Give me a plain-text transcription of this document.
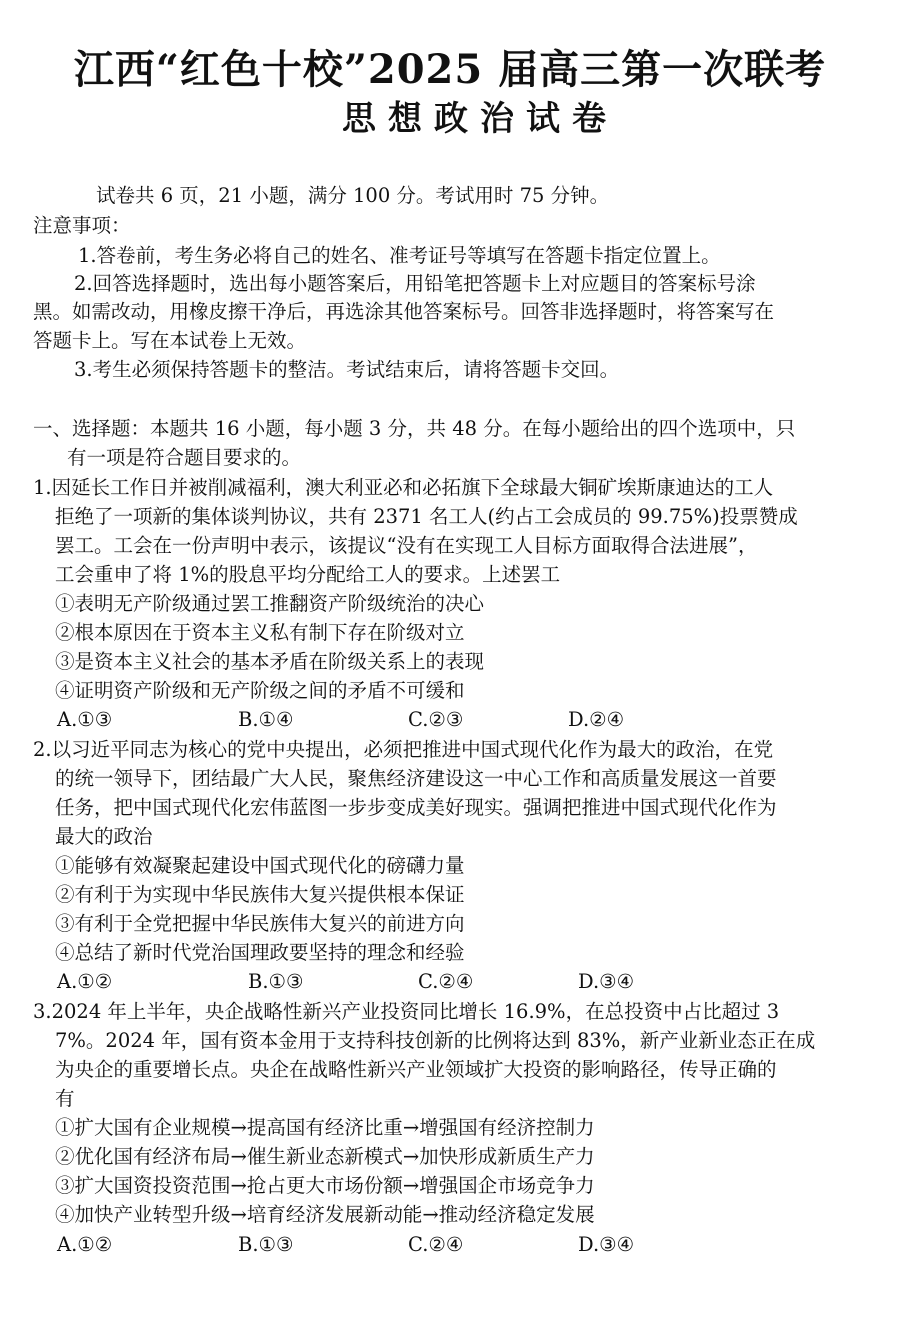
江西“红色十校”2025 届高三第一次联考
思想政治试卷
试卷共 6 页，21 小题，满分 100 分。考试用时 75 分钟。
注意事项：
1.答卷前，考生务必将自己的姓名、准考证号等填写在答题卡指定位置上。
2.回答选择题时，选出每小题答案后，用铅笔把答题卡上对应题目的答案标号涂
黑。如需改动，用橡皮擦干净后，再选涂其他答案标号。回答非选择题时，将答案写在
答题卡上。写在本试卷上无效。
3.考生必须保持答题卡的整洁。考试结束后，请将答题卡交回。
一、选择题：本题共 16 小题，每小题 3 分，共 48 分。在每小题给出的四个选项中，只
有一项是符合题目要求的。
1.因延长工作日并被削减福利，澳大利亚必和必拓旗下全球最大铜矿埃斯康迪达的工人
拒绝了一项新的集体谈判协议，共有 2371 名工人(约占工会成员的 99.75%)投票赞成
罢工。工会在一份声明中表示，该提议“没有在实现工人目标方面取得合法进展”，
工会重申了将 1%的股息平均分配给工人的要求。上述罢工
①表明无产阶级通过罢工推翻资产阶级统治的决心
②根本原因在于资本主义私有制下存在阶级对立
③是资本主义社会的基本矛盾在阶级关系上的表现
④证明资产阶级和无产阶级之间的矛盾不可缓和
A.①③	B.①④	C.②③	D.②④
2.以习近平同志为核心的党中央提出，必须把推进中国式现代化作为最大的政治，在党
的统一领导下，团结最广大人民，聚焦经济建设这一中心工作和高质量发展这一首要
任务，把中国式现代化宏伟蓝图一步步变成美好现实。强调把推进中国式现代化作为
最大的政治
①能够有效凝聚起建设中国式现代化的磅礴力量
②有利于为实现中华民族伟大复兴提供根本保证
③有利于全党把握中华民族伟大复兴的前进方向
④总结了新时代党治国理政要坚持的理念和经验
A.①②	B.①③	C.②④	D.③④
3.2024 年上半年，央企战略性新兴产业投资同比增长 16.9%，在总投资中占比超过 3
7%。2024 年，国有资本金用于支持科技创新的比例将达到 83%，新产业新业态正在成
为央企的重要增长点。央企在战略性新兴产业领域扩大投资的影响路径，传导正确的
有
①扩大国有企业规模→提高国有经济比重→增强国有经济控制力
②优化国有经济布局→催生新业态新模式→加快形成新质生产力
③扩大国资投资范围→抢占更大市场份额→增强国企市场竞争力
④加快产业转型升级→培育经济发展新动能→推动经济稳定发展
A.①②	B.①③	C.②④	D.③④
